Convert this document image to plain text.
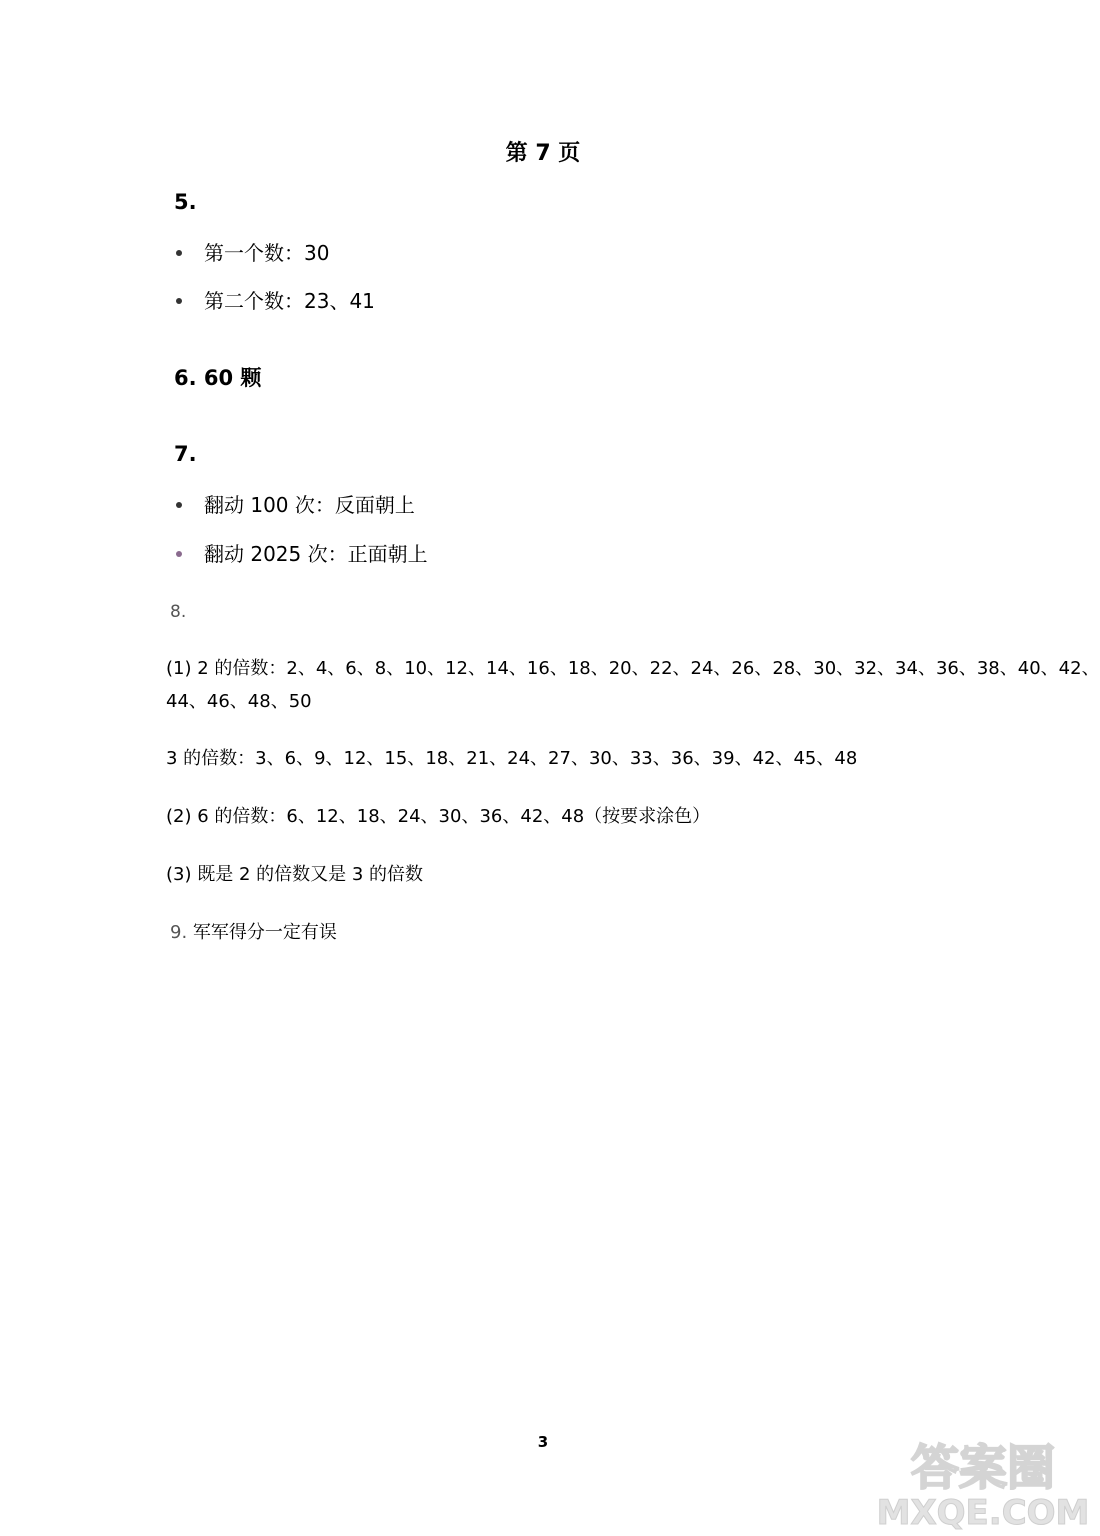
第 7 页
5.
第一个数：30
第二个数：23、41
6. 60 颗
7.
翻动 100 次：反面朝上
翻动 2025 次：正面朝上
8.
(1) 2 的倍数：2、4、6、8、10、12、14、16、18、20、22、24、26、28、30、32、34、36、38、40、42、
44、46、48、50
3 的倍数：3、6、9、12、15、18、21、24、27、30、33、36、39、42、45、48
(2) 6 的倍数：6、12、18、24、30、36、42、48（按要求涂色）
(3) 既是 2 的倍数又是 3 的倍数
9. 军军得分一定有误
3	答案圈
MXQE.COM
